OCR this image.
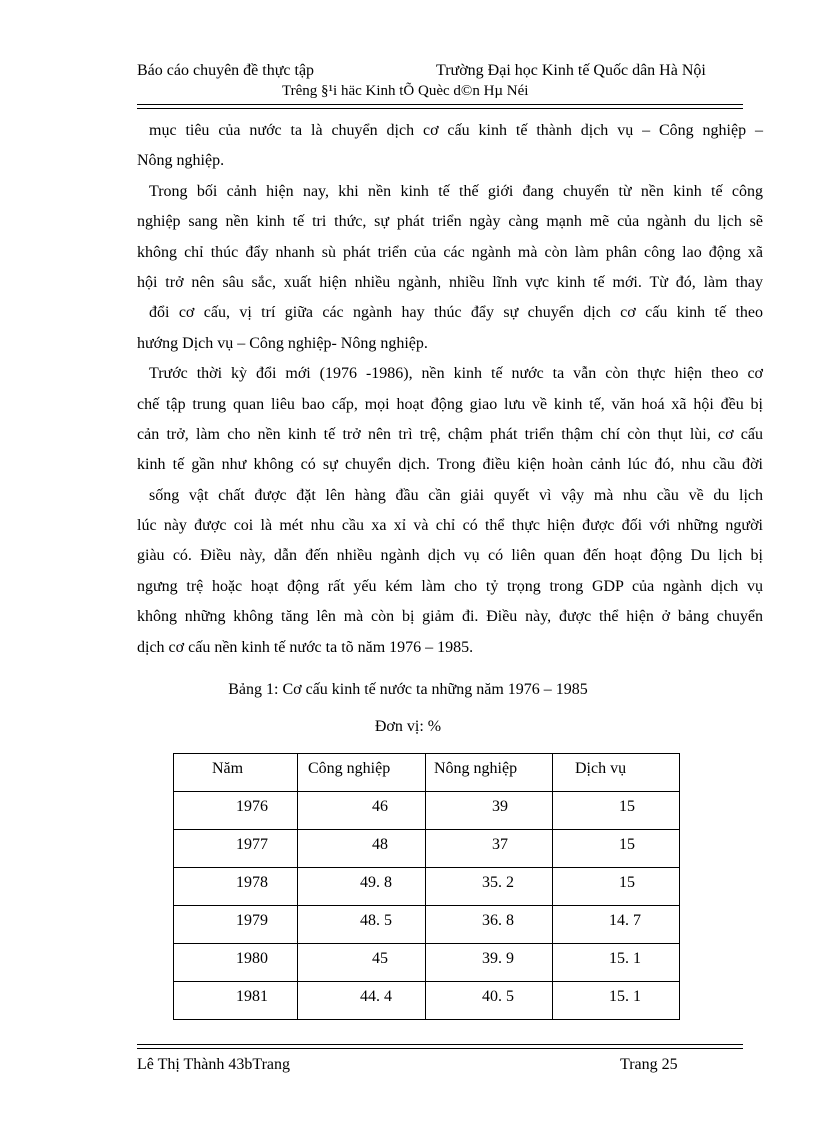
Báo cáo chuyên đề thực tập	Trường Đại học Kinh tế Quốc dân Hà Nội
Trêng §¹i häc Kinh tÕ Quèc d©n Hµ Néi
mục tiêu của nước ta là chuyển dịch cơ cấu kinh tế thành dịch vụ – Công nghiệp –
Nông nghiệp.
Trong bối cảnh hiện nay, khi nền kinh tế thế giới đang chuyển từ nền kinh tế công
nghiệp sang nền kinh tế tri thức, sự phát triển ngày càng mạnh mẽ của ngành du lịch sẽ
không chỉ thúc đẩy nhanh sù phát triển của các ngành mà còn làm phân công lao động xã
hội trở nên sâu sắc, xuất hiện nhiều ngành, nhiều lĩnh vực kinh tế mới. Từ đó, làm thay
đổi cơ cấu, vị trí giữa các ngành hay thúc đẩy sự chuyển dịch cơ cấu kinh tế theo
hướng Dịch vụ – Công nghiệp- Nông nghiệp.
Trước thời kỳ đổi mới (1976 -1986), nền kinh tế nước ta vẫn còn thực hiện theo cơ
chế tập trung quan liêu bao cấp, mọi hoạt động giao lưu về kinh tế, văn hoá xã hội đều bị
cản trở, làm cho nền kinh tế trở nên trì trệ, chậm phát triển thậm chí còn thụt lùi, cơ cấu
kinh tế gần như không có sự chuyển dịch. Trong điều kiện hoàn cảnh lúc đó, nhu cầu đời
sống vật chất được đặt lên hàng đầu cần giải quyết vì vậy mà nhu cầu về du lịch
lúc này được coi là mét nhu cầu xa xỉ và chỉ có thể thực hiện được đối với những người
giàu có. Điều này, dẫn đến nhiều ngành dịch vụ có liên quan đến hoạt động Du lịch bị
ngưng trệ hoặc hoạt động rất yếu kém làm cho tỷ trọng trong GDP của ngành dịch vụ
không những không tăng lên mà còn bị giảm đi. Điều này, được thể hiện ở bảng chuyển
dịch cơ cấu nền kinh tế nước ta tõ năm 1976 – 1985.
Bảng 1: Cơ cấu kinh tế nước ta những năm 1976 – 1985
Đơn vị: %
Năm	Công nghiệp	Nông nghiệp	Dịch vụ

1976	46	39	15

1977	48	37	15

1978	49. 8	35. 2	15

1979	48. 5	36. 8	14. 7

1980	45	39. 9	15. 1

1981	44. 4	40. 5	15. 1
Lê Thị Thành 43bTrang	Trang 25
